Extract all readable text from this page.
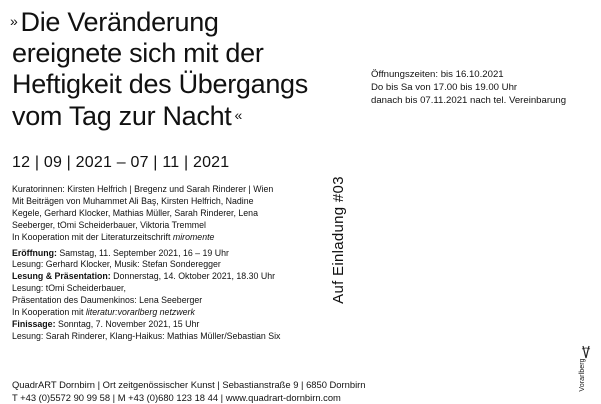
» Die Veränderung
ereignete sich mit der
Heftigkeit des Übergangs
vom Tag zur Nacht «
Öffnungszeiten: bis 16.10.2021
Do bis Sa von 17.00 bis 19.00 Uhr
danach bis 07.11.2021 nach tel. Vereinbarung
12 | 09 | 2021 – 07 | 11 | 2021
Kuratorinnen: Kirsten Helfrich | Bregenz und Sarah Rinderer | Wien
Mit Beiträgen von Muhammet Ali Baş, Kirsten Helfrich, Nadine
Kegele, Gerhard Klocker, Mathias Müller, Sarah Rinderer, Lena
Seeberger, tOmi Scheiderbauer, Viktoria Tremmel
In Kooperation mit der Literaturzeitschrift miromente
Eröffnung: Samstag, 11. September 2021, 16 – 19 Uhr
Lesung: Gerhard Klocker, Musik: Stefan Sonderegger
Lesung & Präsentation: Donnerstag, 14. Oktober 2021, 18.30 Uhr
Lesung: tOmi Scheiderbauer,
Präsentation des Daumenkinos: Lena Seeberger
In Kooperation mit literatur:vorarlberg netzwerk
Finissage: Sonntag, 7. November 2021, 15 Uhr
Lesung: Sarah Rinderer, Klang-Haikus: Mathias Müller/Sebastian Six
Auf Einladung #03
QuadrART Dornbirn | Ort zeitgenössischer Kunst | Sebastianstraße 9 | 6850 Dornbirn
T +43 (0)5572 90 99 58 | M +43 (0)680 123 18 44 | www.quadrart-dornbirn.com
Vorarlberg
